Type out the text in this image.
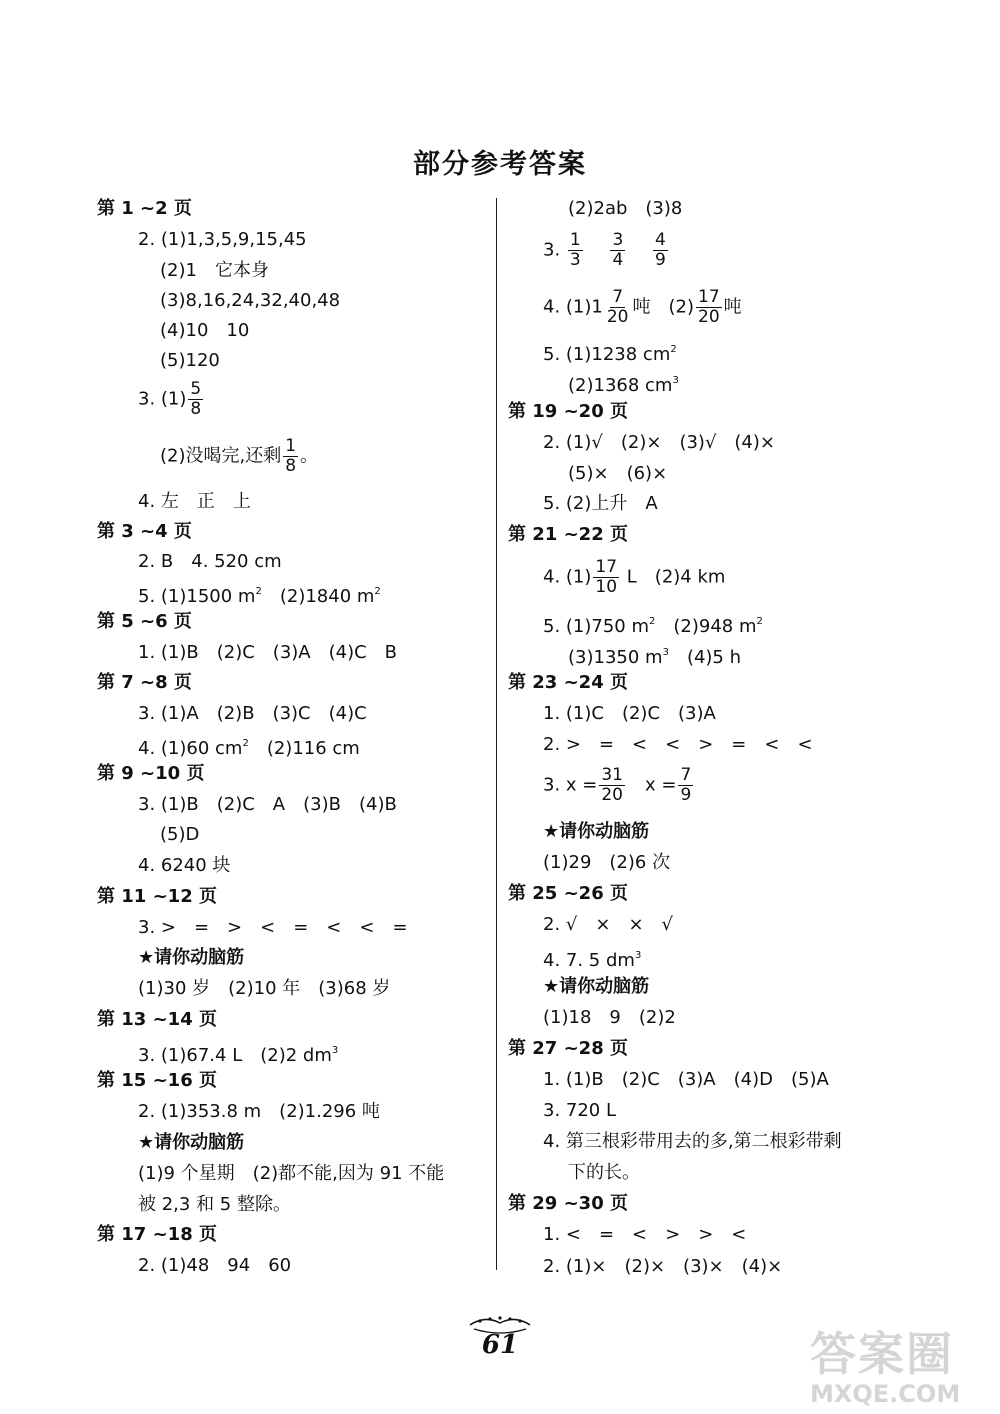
部分参考答案
第 1 ~2 页
2. (1)1,3,5,9,15,45
(2)1　它本身
(3)8,16,24,32,40,48
(4)10　10
(5)120
3. $(1) \frac{5}{8}$
(2)没喝完,还剩 $\frac{1}{8}$ 。
4. 左　正　上
第 3 ~4 页
2. B　4. 520 cm
5. (1)1500 $m^2$　 (2)1840 $m^2$
第 5 ~6 页
1. (1)B　(2)C　(3)A　(4)C　B
第 7 ~8 页
3. (1)A　(2)B　(3)C　(4)C
4. (1)60 $cm^2$　 (2)116 cm
第 9 ~10 页
3. (1)B　(2)C　A　(3)B　(4)B
(5)D
4. 6240 块
第 11 ~12 页
3. >　=　>　<　=　<　<　=
★请你动脑筋
(1)30 岁　(2)10 年　(3)68 岁
第 13 ~14 页
3. (1)67.4 L　(2)2 $dm^3$
第 15 ~16 页
2. (1)353.8 m　(2)1.296 吨
★请你动脑筋
(1)9 个星期　(2)都不能,因为 91 不能
被 2,3 和 5 整除。
第 17 ~18 页
2. (1)48　94　60
(2)2ab　(3)8
3. $\frac{1}{3}$
　 $\frac{3}{4}$
　 $\frac{4}{9}$
4. $(1)1 \frac{7}{20}$ 吨　$(2) \frac{17}{20}$ 吨
5. (1)1238 $cm^2$
(2)1368 $cm^3$
第 19 ~20 页
2. (1)√　(2)×　(3)√　(4)×
(5)×　(6)×
5. (2)上升　A
第 21 ~22 页
4. $(1) \frac{17}{10}$ L　(2)4 km
5. (1)750 $m^2$　 (2)948 $m^2$
(3)1350 $m^3$　 (4)5 h
第 23 ~24 页
1. (1)C　(2)C　(3)A
2. >　=　<　<　>　=　<　<
3. $x = \frac{31}{20}$
　 $x = \frac{7}{9}$
★请你动脑筋
(1)29　(2)6 次
第 25 ~26 页
2. √　×　×　√
4. 7. 5 $dm^3$
★请你动脑筋
(1)18　9　(2)2
第 27 ~28 页
1. (1)B　(2)C　(3)A　(4)D　(5)A
3. 720 L
4. 第三根彩带用去的多,第二根彩带剩
下的长。
第 29 ~30 页
1. <　=　<　>　>　<
2. (1)×　(2)×　(3)×　(4)×
61	答案圈
MXQE.COM
